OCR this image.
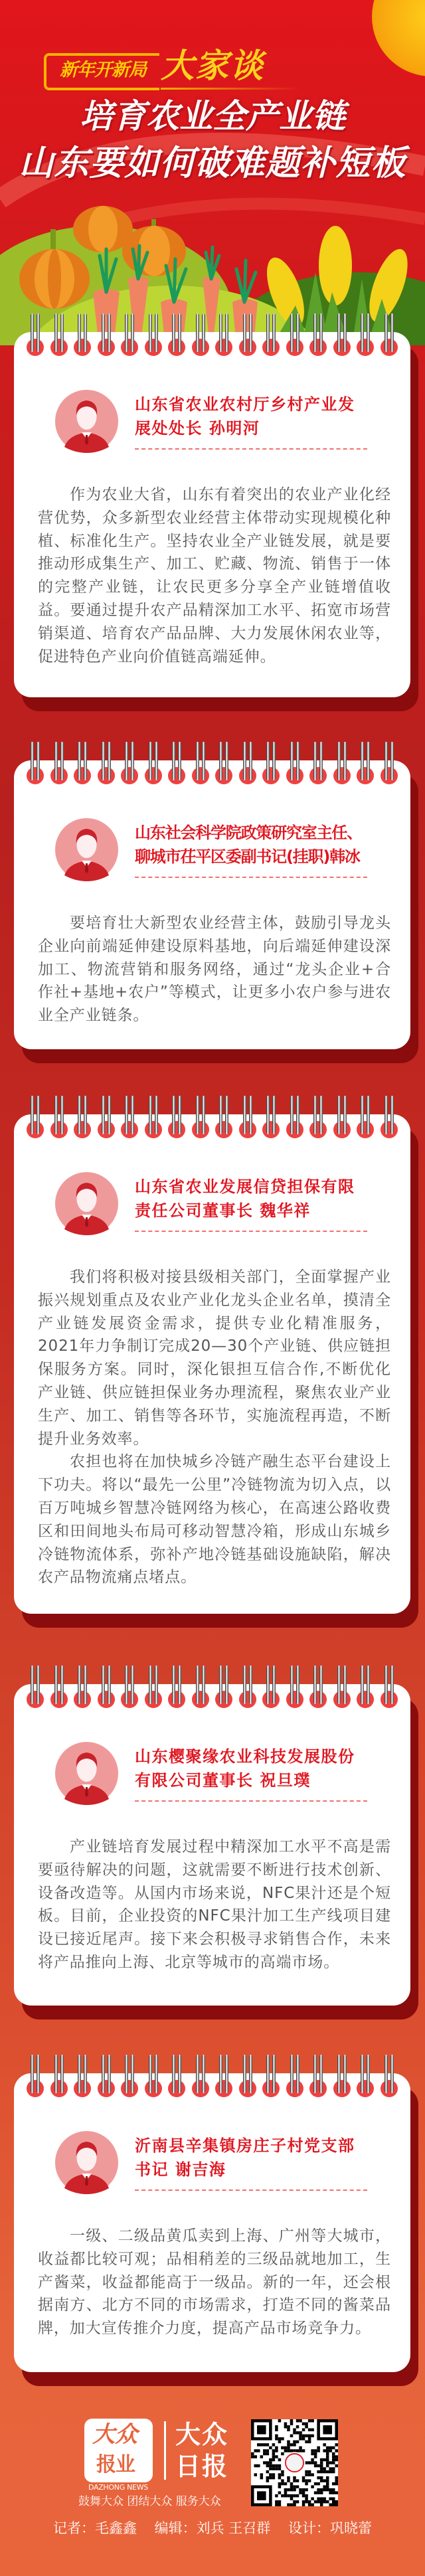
新年开新局 大家谈
培育农业全产业链
山东要如何破难题补短板
山东省农业农村厅乡村产业发
展处处长 孙明河

作为农业大省，山东有着突出的农业产业化经营优势，众多新型农业经营主体带动实现规模化种植、标准化生产。坚持农业全产业链发展，就是要推动形成集生产、加工、贮藏、物流、销售于一体的完整产业链，让农民更多分享全产业链增值收益。要通过提升农产品精深加工水平、拓宽市场营销渠道、培育农产品品牌、大力发展休闲农业等，促进特色产业向价值链高端延伸。

山东社会科学院政策研究室主任、
聊城市茌平区委副书记(挂职)韩冰

要培育壮大新型农业经营主体，鼓励引导龙头企业向前端延伸建设原料基地，向后端延伸建设深加工、物流营销和服务网络，通过“龙头企业+合作社+基地+农户”等模式，让更多小农户参与进农业全产业链条。

山东省农业发展信贷担保有限
责任公司董事长 魏华祥

我们将积极对接县级相关部门，全面掌握产业振兴规划重点及农业产业化龙头企业名单，摸清全产业链发展资金需求，提供专业化精准服务，2021年力争制订完成20—30个产业链、供应链担保服务方案。同时，深化银担互信合作,不断优化产业链、供应链担保业务办理流程，聚焦农业产业生产、加工、销售等各环节，实施流程再造，不断提升业务效率。

农担也将在加快城乡冷链产融生态平台建设上下功夫。将以“最先一公里”冷链物流为切入点，以百万吨城乡智慧冷链网络为核心，在高速公路收费区和田间地头布局可移动智慧冷箱，形成山东城乡冷链物流体系，弥补产地冷链基础设施缺陷，解决农产品物流痛点堵点。

山东樱聚缘农业科技发展股份
有限公司董事长 祝旦璞

产业链培育发展过程中精深加工水平不高是需要亟待解决的问题，这就需要不断进行技术创新、设备改造等。从国内市场来说，NFC果汁还是个短板。目前，企业投资的NFC果汁加工生产线项目建设已接近尾声。接下来会积极寻求销售合作，未来将产品推向上海、北京等城市的高端市场。

沂南县辛集镇房庄子村党支部
书记 谢吉海

一级、二级品黄瓜卖到上海、广州等大城市，收益都比较可观；品相稍差的三级品就地加工，生产酱菜，收益都能高于一级品。新的一年，还会根据南方、北方不同的市场需求，打造不同的酱菜品牌，加大宣传推介力度，提高产品市场竞争力。

大众
报业
DAZHONG NEWS
大众
日报
鼓舞大众 团结大众 服务大众
记者：毛鑫鑫 编辑：刘兵 王召群 设计：巩晓蕾
